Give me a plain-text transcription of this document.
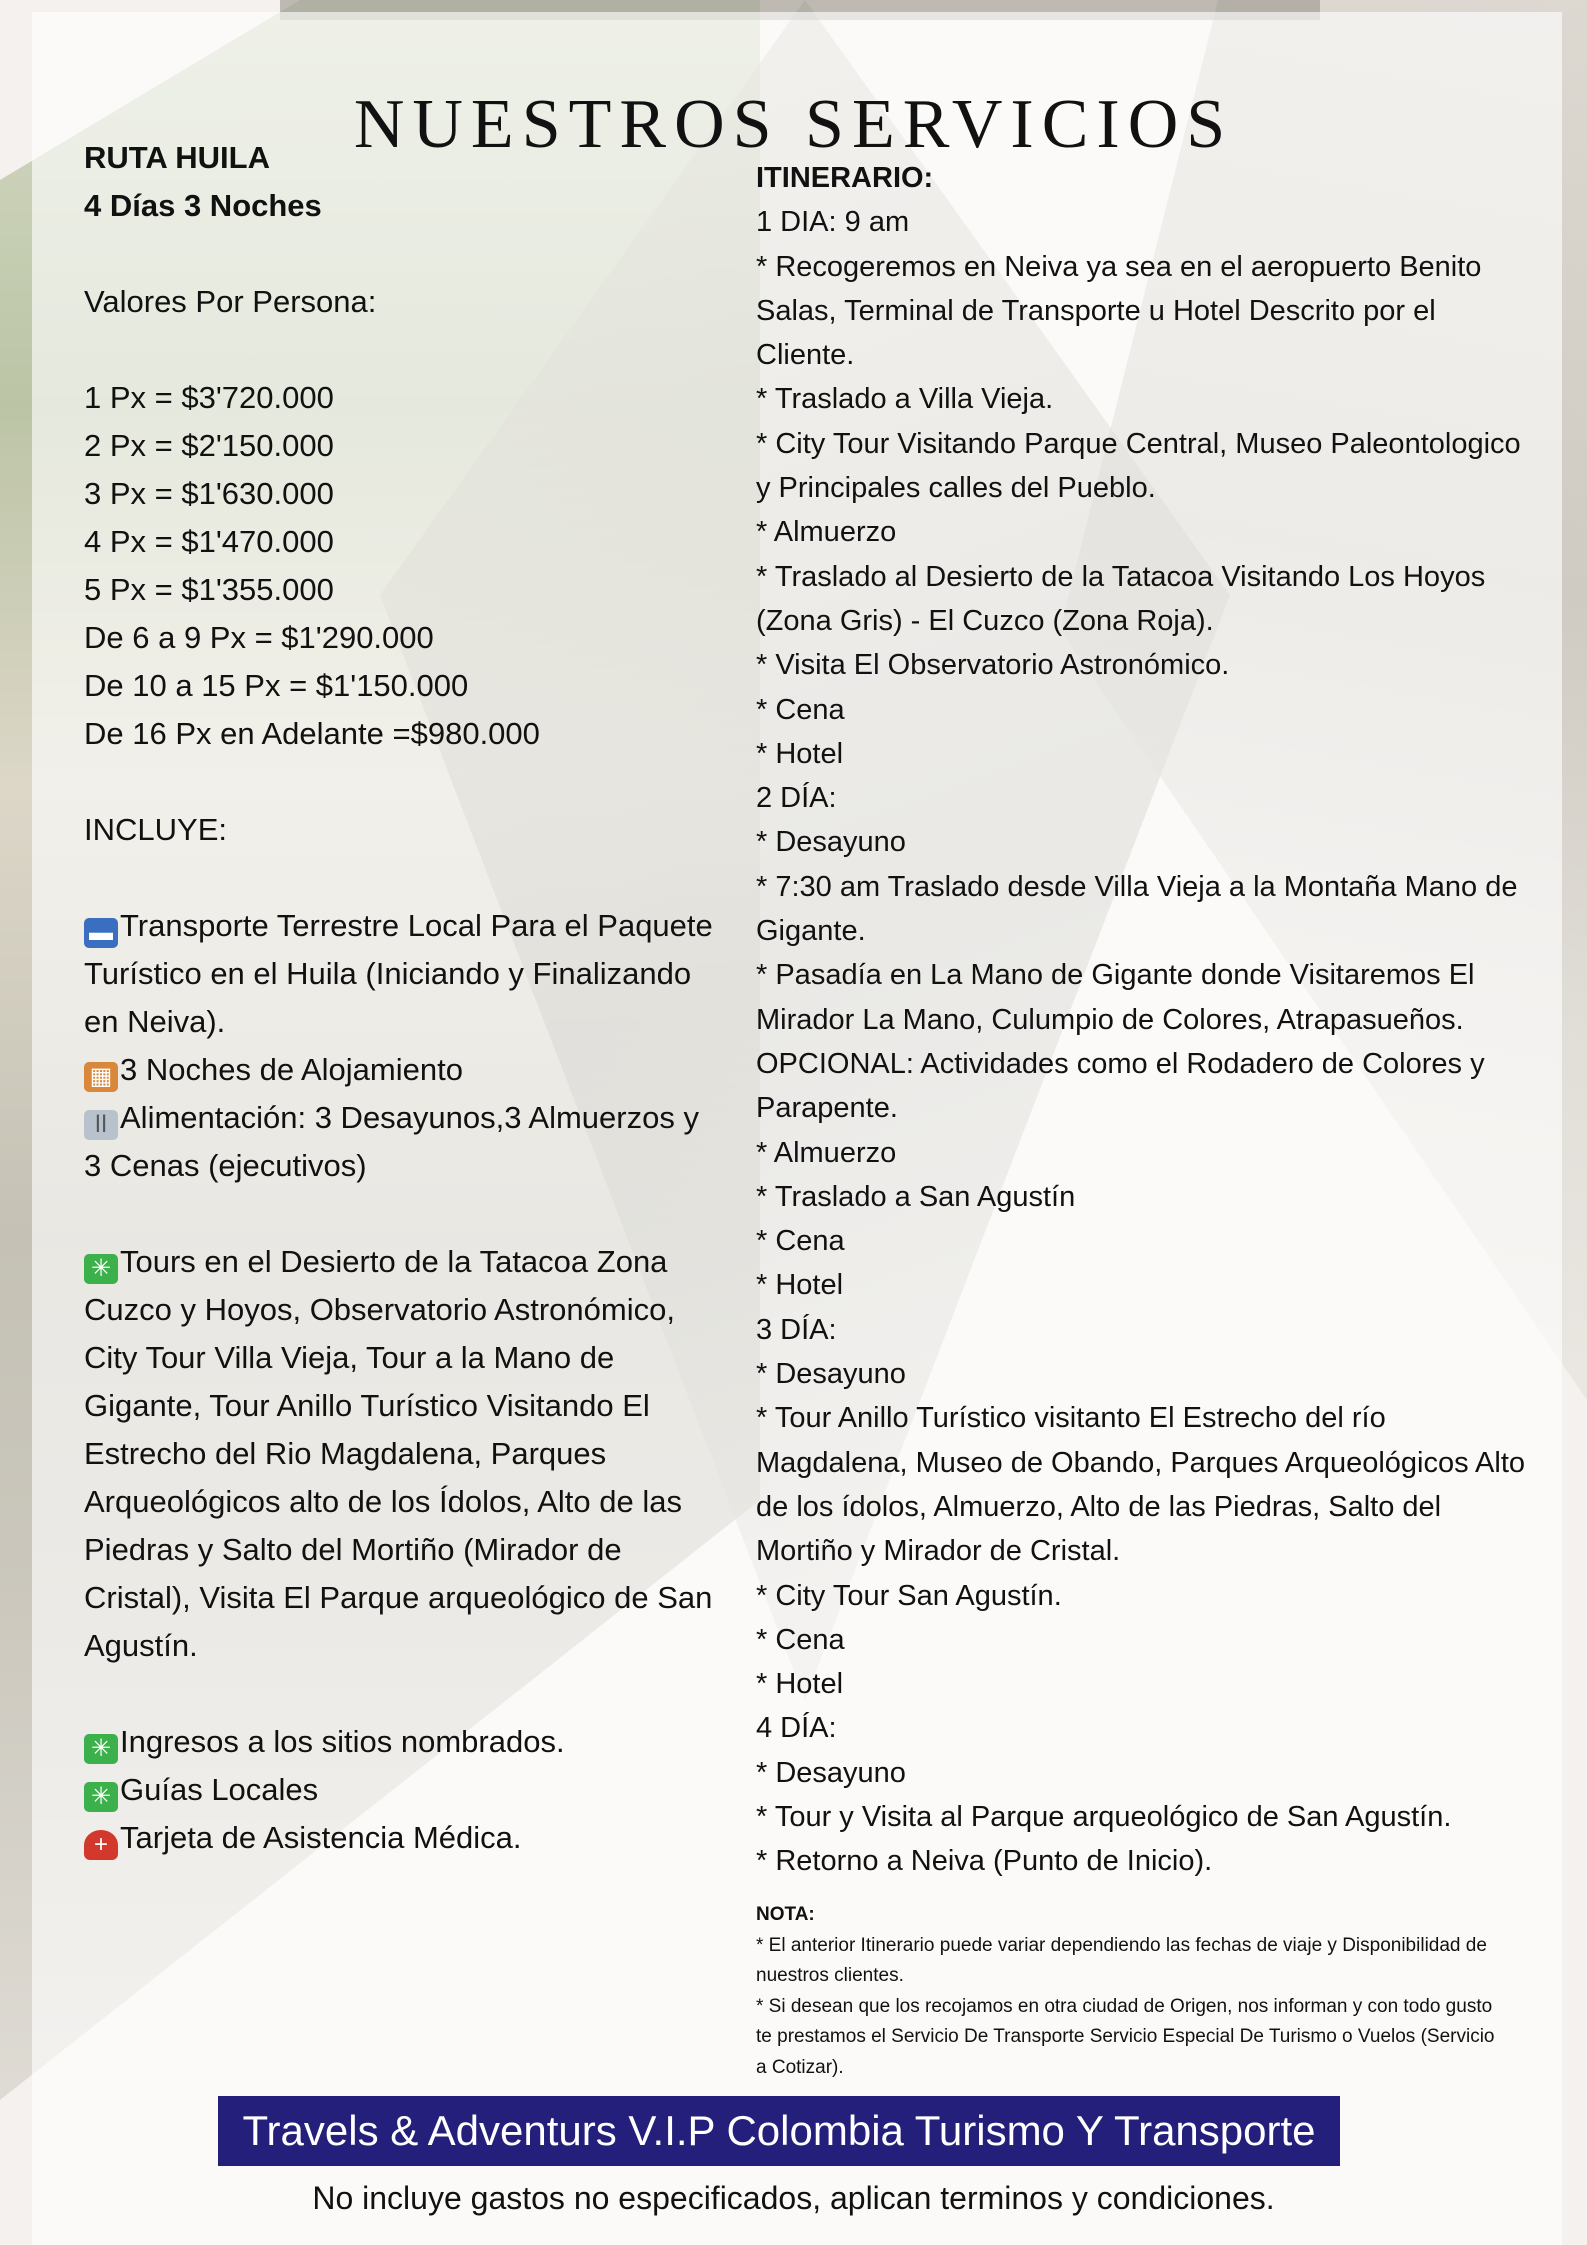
NUESTROS SERVICIOS

RUTA HUILA

4 Días 3 Noches

Valores Por Persona:

1 Px = $3'720.000

2 Px = $2'150.000

3 Px = $1'630.000

4 Px = $1'470.000

5 Px = $1'355.000

De 6 a 9 Px = $1'290.000

De 10 a 15 Px = $1'150.000

De 16 Px en Adelante =$980.000

INCLUYE:

▬ Transporte Terrestre Local Para el Paquete Turístico en el Huila (Iniciando y Finalizando en Neiva).

▦ 3 Noches de Alojamiento

ǀǀ Alimentación: 3 Desayunos,3 Almuerzos y 3 Cenas (ejecutivos)

✳ Tours en el Desierto de la Tatacoa Zona Cuzco y Hoyos, Observatorio Astronómico, City Tour Villa Vieja, Tour a la Mano de Gigante, Tour Anillo Turístico Visitando El Estrecho del Rio Magdalena, Parques Arqueológicos alto de los Ídolos, Alto de las Piedras y Salto del Mortiño (Mirador de Cristal), Visita El Parque arqueológico de San Agustín.

✳ Ingresos a los sitios nombrados.

✳ Guías Locales

+ Tarjeta de Asistencia Médica.

ITINERARIO:

1 DIA: 9 am

* Recogeremos en Neiva ya sea en el aeropuerto Benito Salas, Terminal de Transporte u Hotel Descrito por el Cliente.

* Traslado a Villa Vieja.

* City Tour Visitando Parque Central, Museo Paleontologico y Principales calles del Pueblo.

* Almuerzo

* Traslado al Desierto de la Tatacoa Visitando Los Hoyos (Zona Gris) - El Cuzco (Zona Roja).

* Visita El Observatorio Astronómico.

* Cena

* Hotel

2 DÍA:

* Desayuno

* 7:30 am Traslado desde Villa Vieja a la Montaña Mano de Gigante.

* Pasadía en La Mano de Gigante donde Visitaremos El Mirador La Mano, Culumpio de Colores, Atrapasueños.

OPCIONAL: Actividades como el Rodadero de Colores y Parapente.

* Almuerzo

* Traslado a San Agustín

* Cena

* Hotel

3 DÍA:

* Desayuno

* Tour Anillo Turístico visitanto El Estrecho del río Magdalena, Museo de Obando, Parques Arqueológicos Alto de los ídolos, Almuerzo, Alto de las Piedras, Salto del Mortiño y Mirador de Cristal.

* City Tour San Agustín.

* Cena

* Hotel

4 DÍA:

* Desayuno

* Tour y Visita al Parque arqueológico de San Agustín.

* Retorno a Neiva (Punto de Inicio).

NOTA:

* El anterior Itinerario puede variar dependiendo las fechas de viaje y Disponibilidad de nuestros clientes.

* Si desean que los recojamos en otra ciudad de Origen, nos informan y con todo gusto te prestamos el Servicio De Transporte Servicio Especial De Turismo o Vuelos (Servicio a Cotizar).

Travels & Adventurs V.I.P Colombia Turismo Y Transporte
No incluye gastos no especificados, aplican terminos y condiciones.
